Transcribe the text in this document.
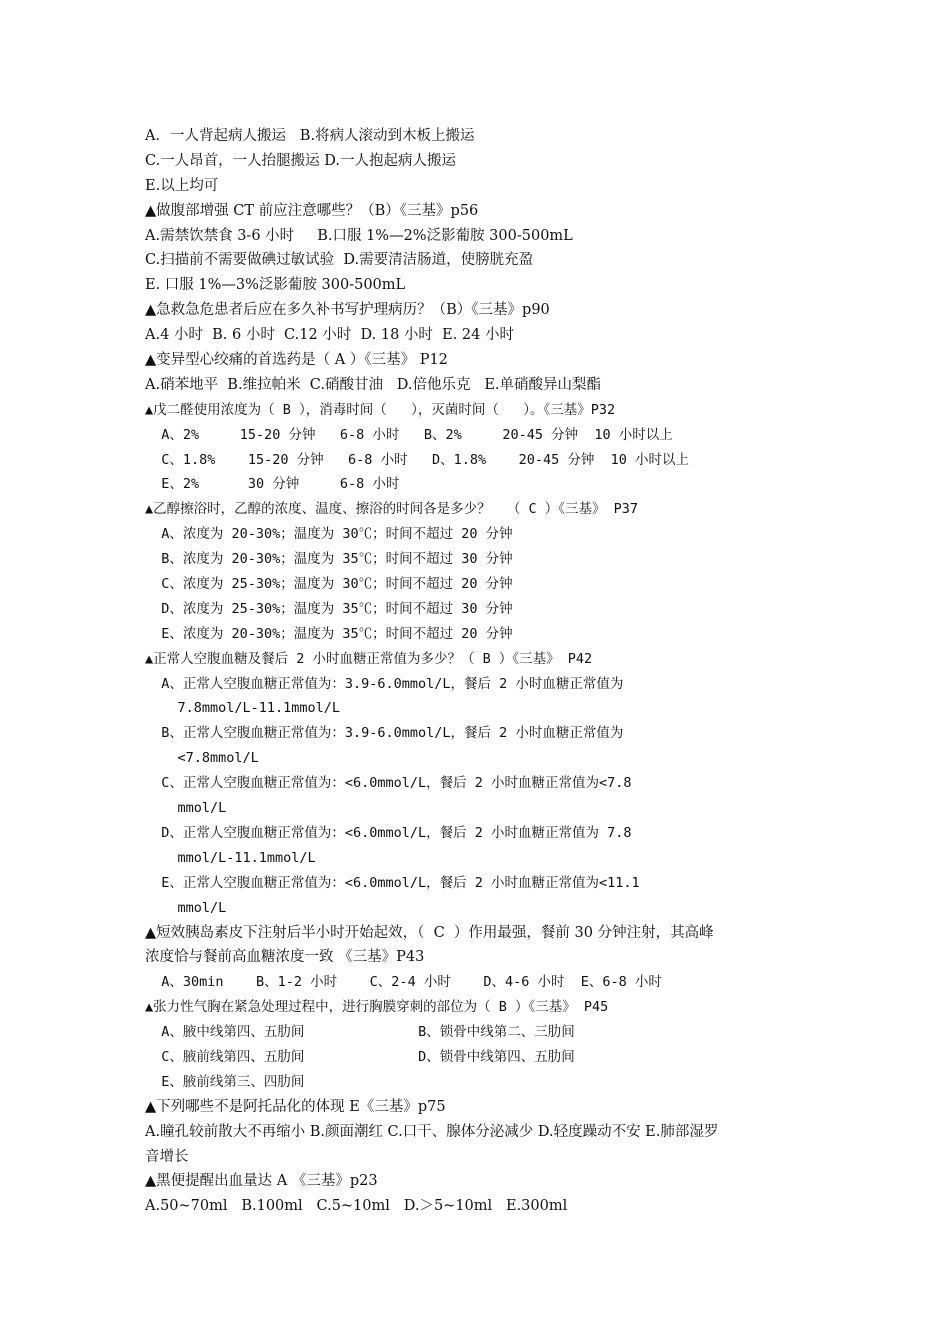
A．一人背起病人搬运   B.将病人滚动到木板上搬运
C.一人昂首，一人抬腿搬运 D.一人抱起病人搬运
E.以上均可
▲做腹部增强 CT 前应注意哪些？（B）《三基》p56
A.需禁饮禁食 3-6 小时     B.口服 1%—2%泛影葡胺 300-500mL
C.扫描前不需要做碘过敏试验  D.需要清洁肠道，使膀胱充盈
E. 口服 1%—3%泛影葡胺 300-500mL
▲急救急危患者后应在多久补书写护理病历？（B）《三基》p90
A.4 小时  B. 6 小时  C.12 小时  D. 18 小时  E. 24 小时
▲变异型心绞痛的首选药是（ A ）《三基》 P12
A.硝苯地平  B.维拉帕米  C.硝酸甘油   D.倍他乐克   E.单硝酸异山梨酯
▲戊二醛使用浓度为（ B ），消毒时间（   ），灭菌时间（   ）。《三基》P32
A、2%     15-20 分钟   6-8 小时   B、2%     20-45 分钟  10 小时以上
C、1.8%    15-20 分钟   6-8 小时   D、1.8%    20-45 分钟  10 小时以上
E、2%      30 分钟     6-8 小时
▲乙醇擦浴时，乙醇的浓度、温度、擦浴的时间各是多少？  （ C ）《三基》 P37
A、浓度为 20-30%；温度为 30℃；时间不超过 20 分钟
B、浓度为 20-30%；温度为 35℃；时间不超过 30 分钟
C、浓度为 25-30%；温度为 30℃；时间不超过 20 分钟
D、浓度为 25-30%；温度为 35℃；时间不超过 30 分钟
E、浓度为 20-30%；温度为 35℃；时间不超过 20 分钟
▲正常人空腹血糖及餐后 2 小时血糖正常值为多少？（ B ）《三基》 P42
A、正常人空腹血糖正常值为：3.9-6.0mmol/L，餐后 2 小时血糖正常值为
7.8mmol/L-11.1mmol/L
B、正常人空腹血糖正常值为：3.9-6.0mmol/L，餐后 2 小时血糖正常值为
<7.8mmol/L
C、正常人空腹血糖正常值为：<6.0mmol/L，餐后 2 小时血糖正常值为<7.8
mmol/L
D、正常人空腹血糖正常值为：<6.0mmol/L，餐后 2 小时血糖正常值为 7.8
mmol/L-11.1mmol/L
E、正常人空腹血糖正常值为：<6.0mmol/L，餐后 2 小时血糖正常值为<11.1
mmol/L
▲短效胰岛素皮下注射后半小时开始起效，（  C  ）作用最强，餐前 30 分钟注射，其高峰
浓度恰与餐前高血糖浓度一致 《三基》P43
A、30min    B、1-2 小时    C、2-4 小时    D、4-6 小时  E、6-8 小时
▲张力性气胸在紧急处理过程中，进行胸膜穿刺的部位为（ B ）《三基》 P45
A、腋中线第四、五肋间              B、锁骨中线第二、三肋间
C、腋前线第四、五肋间              D、锁骨中线第四、五肋间
E、腋前线第三、四肋间
▲下列哪些不是阿托品化的体现 E《三基》p75
A.瞳孔较前散大不再缩小 B.颜面潮红 C.口干、腺体分泌减少 D.轻度躁动不安 E.肺部湿罗
音增长
▲黑便提醒出血量达 A 《三基》p23
A.50~70ml   B.100ml   C.5~10ml   D.＞5~10ml   E.300ml
